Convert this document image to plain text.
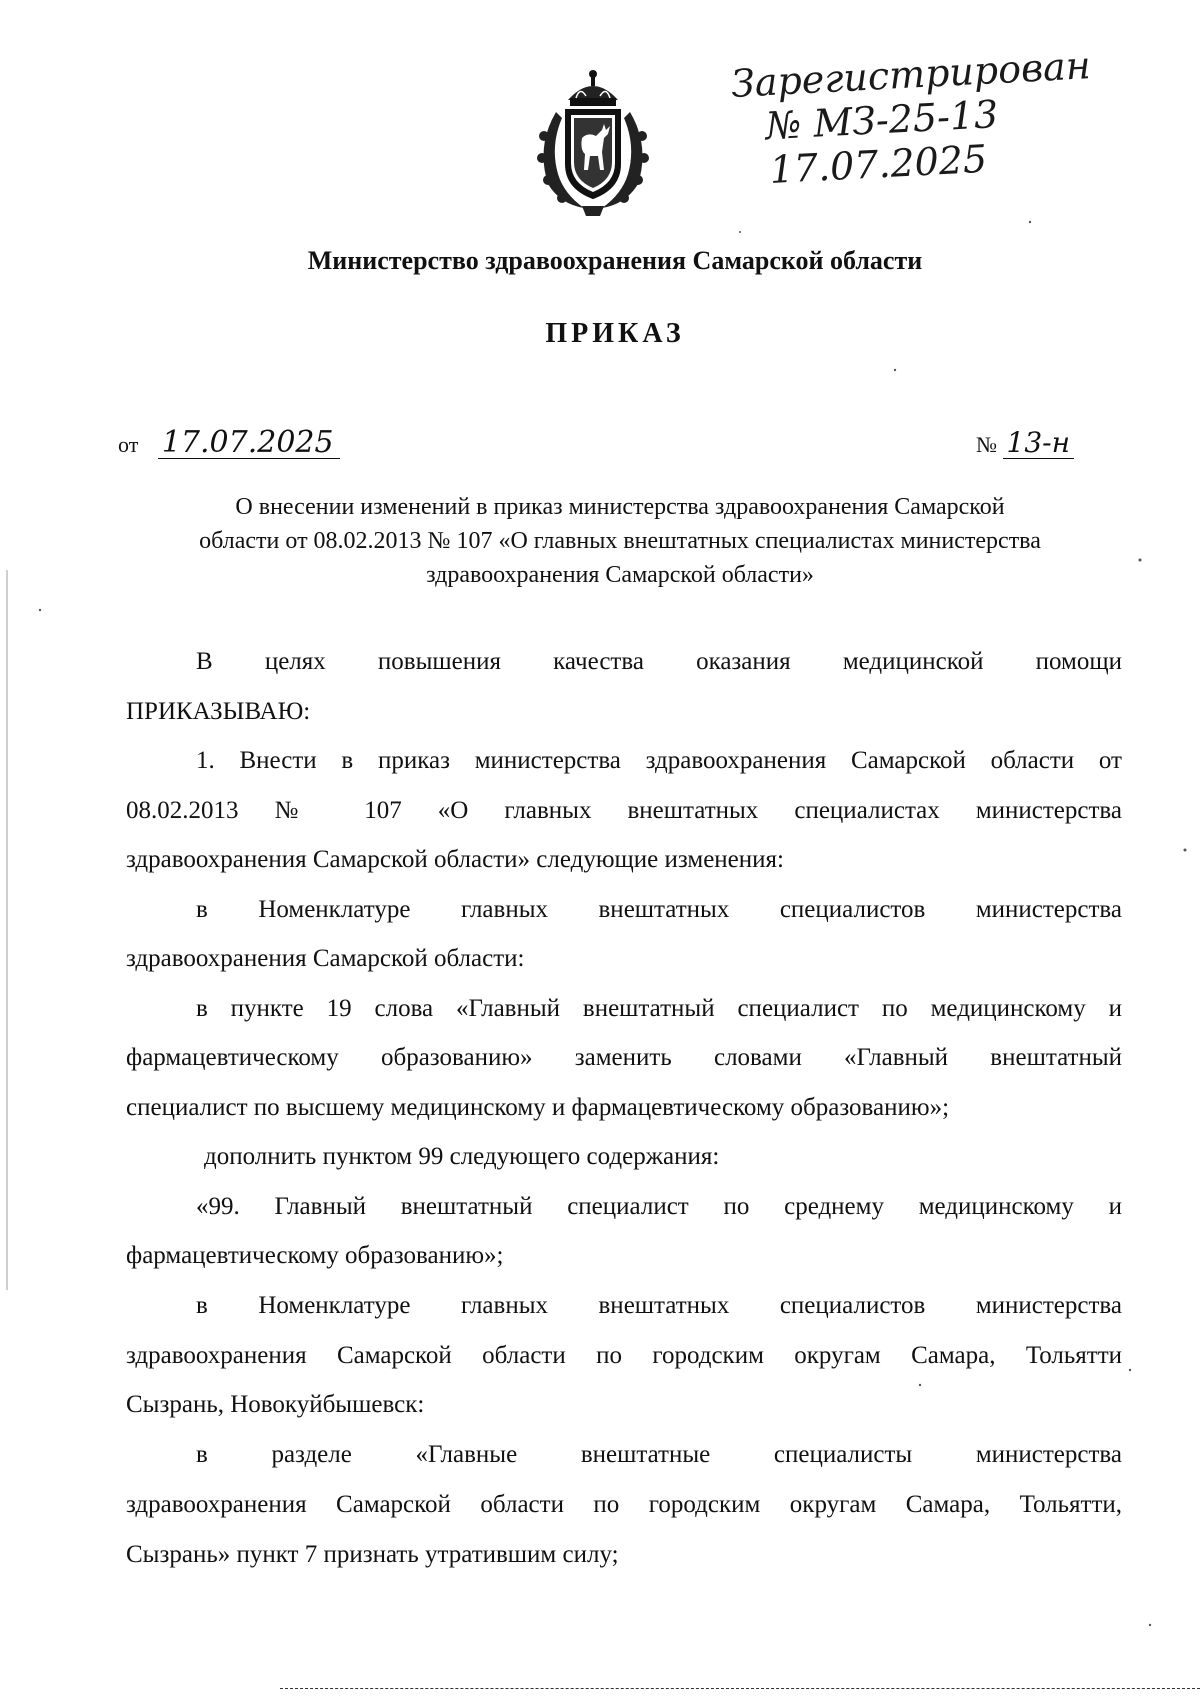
Зарегистрирован
№ МЗ-25-13
17.07.2025
Министерство здравоохранения Самарской области
ПРИКАЗ
от 17.07.2025	№ 13-н
О внесении изменений в приказ министерства здравоохранения Самарской
области от 08.02.2013 № 107 «О главных внештатных специалистах министерства
здравоохранения Самарской области»
В целях повышения качества оказания медицинской помощи
ПРИКАЗЫВАЮ:
1. Внести в приказ министерства здравоохранения Самарской области от
08.02.2013 № 107 «О главных внештатных специалистах министерства
здравоохранения Самарской области» следующие изменения:
в Номенклатуре главных внештатных специалистов министерства
здравоохранения Самарской области:
в пункте 19 слова «Главный внештатный специалист по медицинскому и
фармацевтическому образованию» заменить словами «Главный внештатный
специалист по высшему медицинскому и фармацевтическому образованию»;
дополнить пунктом 99 следующего содержания:
«99. Главный внештатный специалист по среднему медицинскому и
фармацевтическому образованию»;
в Номенклатуре главных внештатных специалистов министерства
здравоохранения Самарской области по городским округам Самара, Тольятти
Сызрань, Новокуйбышевск:
в разделе «Главные внештатные специалисты министерства
здравоохранения Самарской области по городским округам Самара, Тольятти,
Сызрань» пункт 7 признать утратившим силу;
